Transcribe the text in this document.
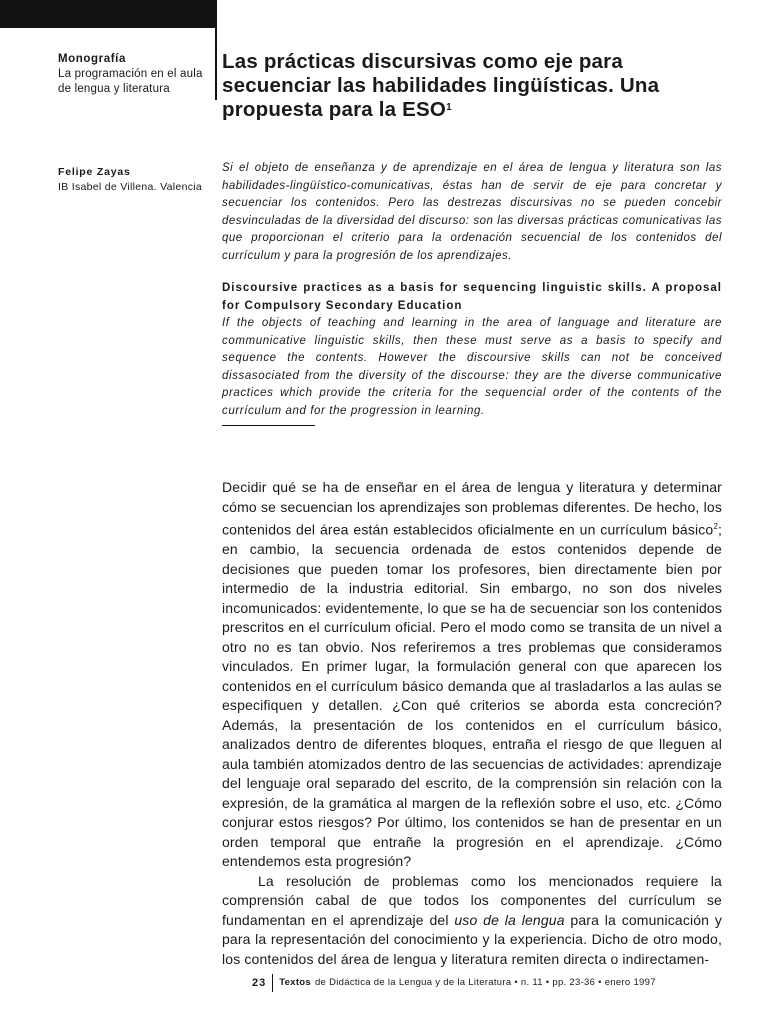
Monografía
La programación en el aula de lengua y literatura
Felipe Zayas
IB Isabel de Villena. Valencia
Las prácticas discursivas como eje para secuenciar las habilidades lingüísticas. Una propuesta para la ESO$^1$
Si el objeto de enseñanza y de aprendizaje en el área de lengua y literatura son las habilidades-lingüístico-comunicativas, éstas han de servir de eje para concretar y secuenciar los contenidos. Pero las destrezas discursivas no se pueden concebir desvinculadas de la diversidad del discurso: son las diversas prácticas comunicativas las que proporcionan el criterio para la ordenación secuencial de los contenidos del currículum y para la progresión de los aprendizajes.
Discoursive practices as a basis for sequencing linguistic skills. A proposal for Compulsory Secondary Education
If the objects of teaching and learning in the area of language and literature are communicative linguistic skills, then these must serve as a basis to specify and sequence the contents. However the discoursive skills can not be conceived dissasociated from the diversity of the discourse: they are the diverse communicative practices which provide the criteria for the sequencial order of the contents of the currículum and for the progression in learning.

Decidir qué se ha de enseñar en el área de lengua y literatura y determinar cómo se secuencian los aprendizajes son problemas diferentes. De hecho, los contenidos del área están establecidos oficialmente en un currículum básico$^2$; en cambio, la secuencia ordenada de estos contenidos depende de decisiones que pueden tomar los profesores, bien directamente bien por intermedio de la industria editorial. Sin embargo, no son dos niveles incomunicados: evidentemente, lo que se ha de secuenciar son los contenidos prescritos en el currículum oficial. Pero el modo como se transita de un nivel a otro no es tan obvio. Nos referiremos a tres problemas que consideramos vinculados. En primer lugar, la formulación general con que aparecen los contenidos en el currículum básico demanda que al trasladarlos a las aulas se especifiquen y detallen. ¿Con qué criterios se aborda esta concreción? Además, la presentación de los contenidos en el currículum básico, analizados dentro de diferentes bloques, entraña el riesgo de que lleguen al aula también atomizados dentro de las secuencias de actividades: aprendizaje del lenguaje oral separado del escrito, de la comprensión sin relación con la expresión, de la gramática al margen de la reflexión sobre el uso, etc. ¿Cómo conjurar estos riesgos? Por último, los contenidos se han de presentar en un orden temporal que entrañe la progresión en el aprendizaje. ¿Cómo entendemos esta progresión?

La resolución de problemas como los mencionados requiere la comprensión cabal de que todos los componentes del currículum se fundamentan en el aprendizaje del uso de la lengua para la comunicación y para la representación del conocimiento y la experiencia. Dicho de otro modo, los contenidos del área de lengua y literatura remiten directa o indirectamen-

23 Textos de Didáctica de la Lengua y de la Literatura • n. 11 • pp. 23-36 • enero 1997
